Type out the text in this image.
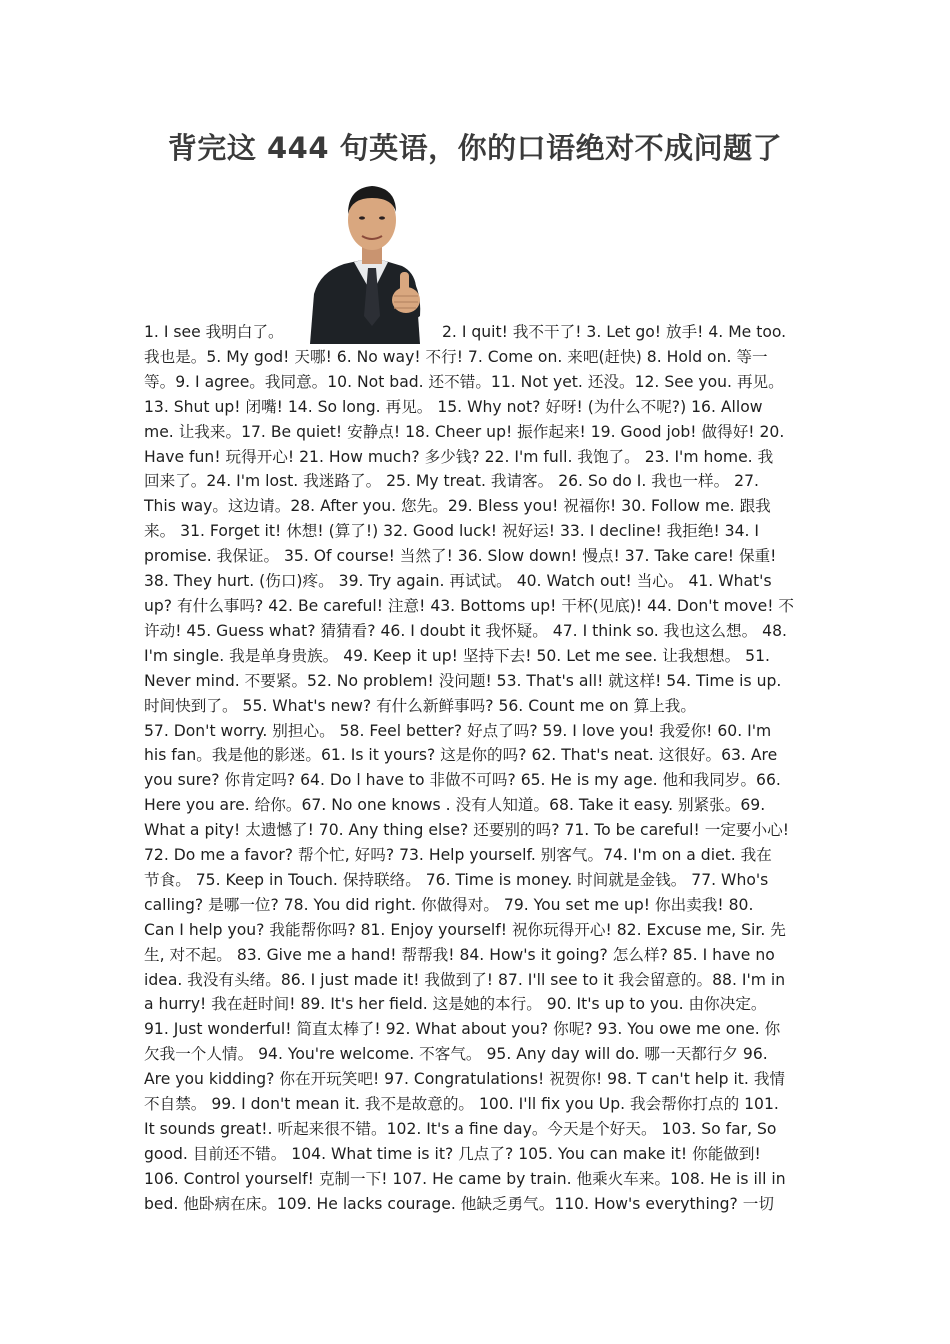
背完这 444 句英语，你的口语绝对不成问题了
1. I see 我明白了。	2. I quit! 我不干了! 3. Let go! 放手! 4. Me too.
我也是。5. My god! 天哪! 6. No way! 不行! 7. Come on. 来吧(赶快) 8. Hold on. 等一
等。9. I agree。我同意。10. Not bad. 还不错。11. Not yet. 还没。12. See you. 再见。
13. Shut up! 闭嘴! 14. So long. 再见。 15. Why not? 好呀! (为什么不呢?) 16. Allow
me. 让我来。17. Be quiet! 安静点! 18. Cheer up! 振作起来! 19. Good job! 做得好! 20.
Have fun! 玩得开心! 21. How much? 多少钱? 22. I'm full. 我饱了。 23. I'm home. 我
回来了。24. I'm lost. 我迷路了。 25. My treat. 我请客。 26. So do I. 我也一样。 27.
This way。这边请。28. After you. 您先。29. Bless you! 祝福你! 30. Follow me. 跟我
来。 31. Forget it! 休想! (算了!) 32. Good luck! 祝好运! 33. I decline! 我拒绝! 34. I
promise. 我保证。 35. Of course! 当然了! 36. Slow down! 慢点! 37. Take care! 保重!
38. They hurt. (伤口)疼。 39. Try again. 再试试。 40. Watch out! 当心。 41. What's
up? 有什么事吗? 42. Be careful! 注意! 43. Bottoms up! 干杯(见底)! 44. Don't move! 不
许动! 45. Guess what? 猜猜看? 46. I doubt it 我怀疑。 47. I think so. 我也这么想。 48.
I'm single. 我是单身贵族。 49. Keep it up! 坚持下去! 50. Let me see. 让我想想。 51.
Never mind. 不要紧。52. No problem! 没问题! 53. That's all! 就这样! 54. Time is up.
时间快到了。 55. What's new? 有什么新鲜事吗? 56. Count me on 算上我。
57. Don't worry. 别担心。 58. Feel better? 好点了吗? 59. I love you! 我爱你! 60. I'm
his fan。我是他的影迷。61. Is it yours? 这是你的吗? 62. That's neat. 这很好。63. Are
you sure? 你肯定吗? 64. Do l have to 非做不可吗? 65. He is my age. 他和我同岁。66.
Here you are. 给你。67. No one knows . 没有人知道。68. Take it easy. 别紧张。69.
What a pity! 太遗憾了! 70. Any thing else? 还要别的吗? 71. To be careful! 一定要小心!
72. Do me a favor? 帮个忙, 好吗? 73. Help yourself. 别客气。74. I'm on a diet. 我在
节食。 75. Keep in Touch. 保持联络。 76. Time is money. 时间就是金钱。 77. Who's
calling? 是哪一位? 78. You did right. 你做得对。 79. You set me up! 你出卖我! 80.
Can I help you? 我能帮你吗? 81. Enjoy yourself! 祝你玩得开心! 82. Excuse me, Sir. 先
生, 对不起。 83. Give me a hand! 帮帮我! 84. How's it going? 怎么样? 85. I have no
idea. 我没有头绪。86. I just made it! 我做到了! 87. I'll see to it 我会留意的。88. I'm in
a hurry! 我在赶时间! 89. It's her field. 这是她的本行。 90. It's up to you. 由你决定。
91. Just wonderful! 简直太棒了! 92. What about you? 你呢? 93. You owe me one. 你
欠我一个人情。 94. You're welcome. 不客气。 95. Any day will do. 哪一天都行夕 96.
Are you kidding? 你在开玩笑吧! 97. Congratulations! 祝贺你! 98. T can't help it. 我情
不自禁。 99. I don't mean it. 我不是故意的。 100. I'll fix you Up. 我会帮你打点的 101.
It sounds great!. 听起来很不错。102. It's a fine day。今天是个好天。 103. So far, So
good. 目前还不错。 104. What time is it? 几点了? 105. You can make it! 你能做到!
106. Control yourself! 克制一下! 107. He came by train. 他乘火车来。108. He is ill in
bed. 他卧病在床。109. He lacks courage. 他缺乏勇气。110. How's everything? 一切
